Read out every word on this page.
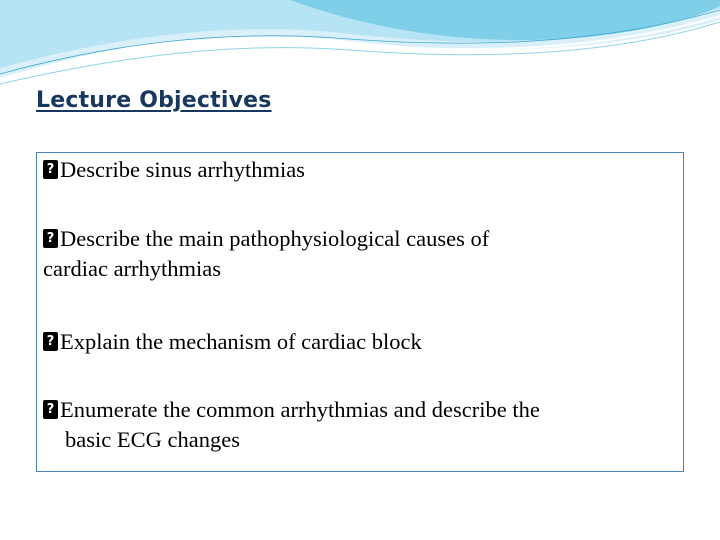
Lecture Objectives
?Describe sinus arrhythmias
?Describe the main pathophysiological causes of
cardiac arrhythmias
?Explain the mechanism of cardiac block
?Enumerate the common arrhythmias and describe the
basic ECG changes
